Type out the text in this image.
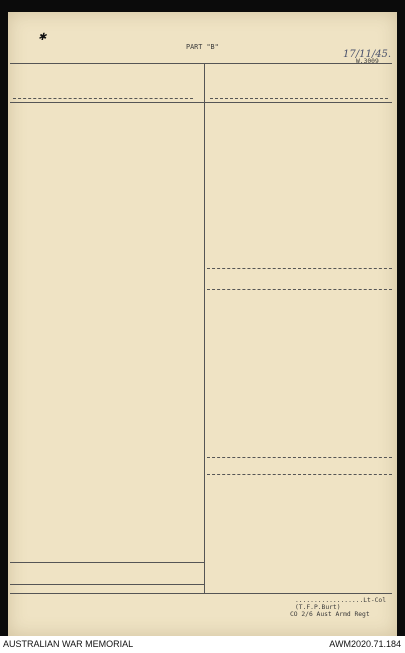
W.3009
PART "B"
17/11/45.
✱
..................Lt-Col
(T.F.P.Burt)
CO 2/6 Aust Armd Regt
AUSTRALIAN WAR MEMORIAL	AWM2020.71.184
